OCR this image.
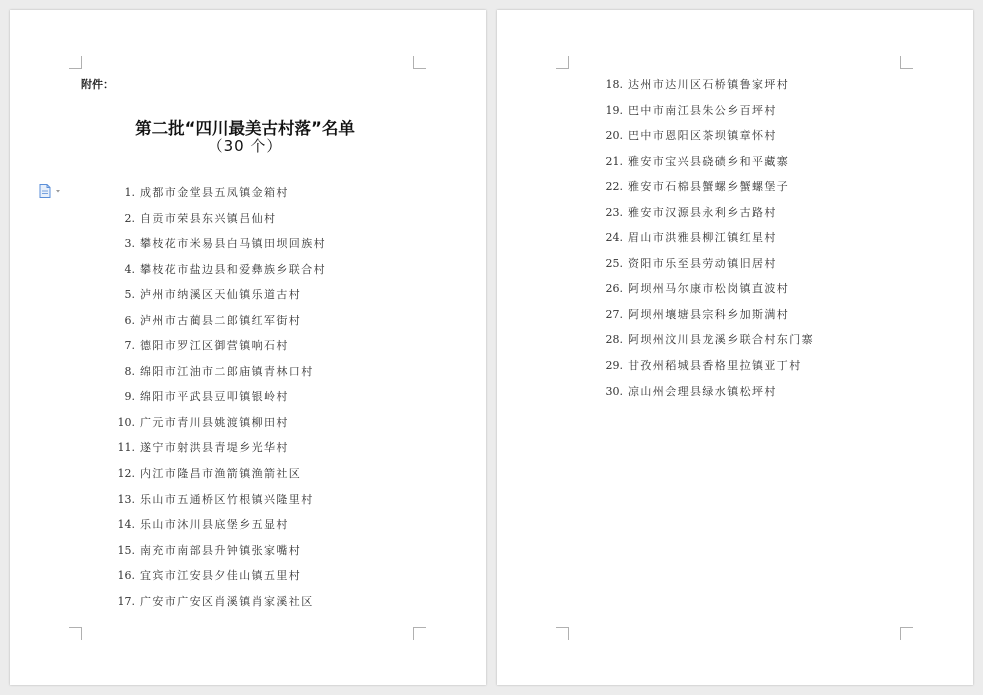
附件：
第二批“四川最美古村落”名单
（30 个）
1. 成都市金堂县五凤镇金箱村
2. 自贡市荣县东兴镇吕仙村
3. 攀枝花市米易县白马镇田坝回族村
4. 攀枝花市盐边县和爱彝族乡联合村
5. 泸州市纳溪区天仙镇乐道古村
6. 泸州市古蔺县二郎镇红军街村
7. 德阳市罗江区御营镇响石村
8. 绵阳市江油市二郎庙镇青林口村
9. 绵阳市平武县豆叩镇银岭村
10. 广元市青川县姚渡镇柳田村
11. 遂宁市射洪县青堤乡光华村
12. 内江市隆昌市渔箭镇渔箭社区
13. 乐山市五通桥区竹根镇兴隆里村
14. 乐山市沐川县底堡乡五显村
15. 南充市南部县升钟镇张家嘴村
16. 宜宾市江安县夕佳山镇五里村
17. 广安市广安区肖溪镇肖家溪社区
18. 达州市达川区石桥镇鲁家坪村
19. 巴中市南江县朱公乡百坪村
20. 巴中市恩阳区茶坝镇章怀村
21. 雅安市宝兴县硗碛乡和平藏寨
22. 雅安市石棉县蟹螺乡蟹螺堡子
23. 雅安市汉源县永利乡古路村
24. 眉山市洪雅县柳江镇红星村
25. 资阳市乐至县劳动镇旧居村
26. 阿坝州马尔康市松岗镇直波村
27. 阿坝州壤塘县宗科乡加斯满村
28. 阿坝州汶川县龙溪乡联合村东门寨
29. 甘孜州稻城县香格里拉镇亚丁村
30. 凉山州会理县绿水镇松坪村
